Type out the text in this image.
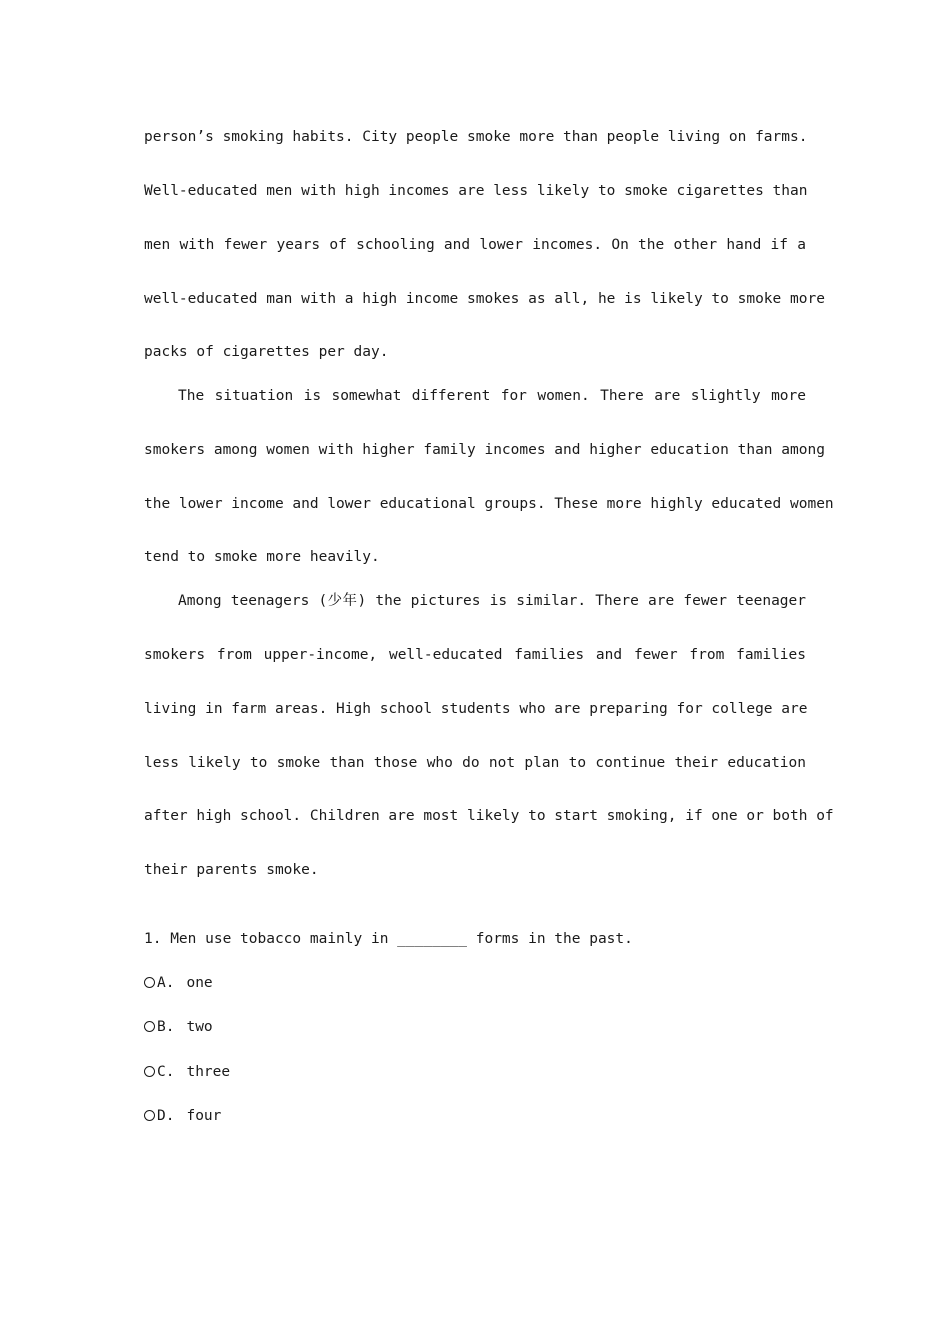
person’s smoking habits. City people smoke more than people living on farms.
Well-educated men with high incomes are less likely to smoke cigarettes than
men with fewer years of schooling and lower incomes. On the other hand if a
well-educated man with a high income smokes as all, he is likely to smoke more
packs of cigarettes per day.
The situation is somewhat different for women. There are slightly more
smokers among women with higher family incomes and higher education than among
the lower income and lower educational groups. These more highly educated women
tend to smoke more heavily.
Among teenagers (少年) the pictures is similar. There are fewer teenager
smokers from upper-income, well-educated families and fewer from families
living in farm areas. High school students who are preparing for college are
less likely to smoke than those who do not plan to continue their education
after high school. Children are most likely to start smoking, if one or both of
their parents smoke.
1. Men use tobacco mainly in ________ forms in the past.
A. one
B. two
C. three
D. four
